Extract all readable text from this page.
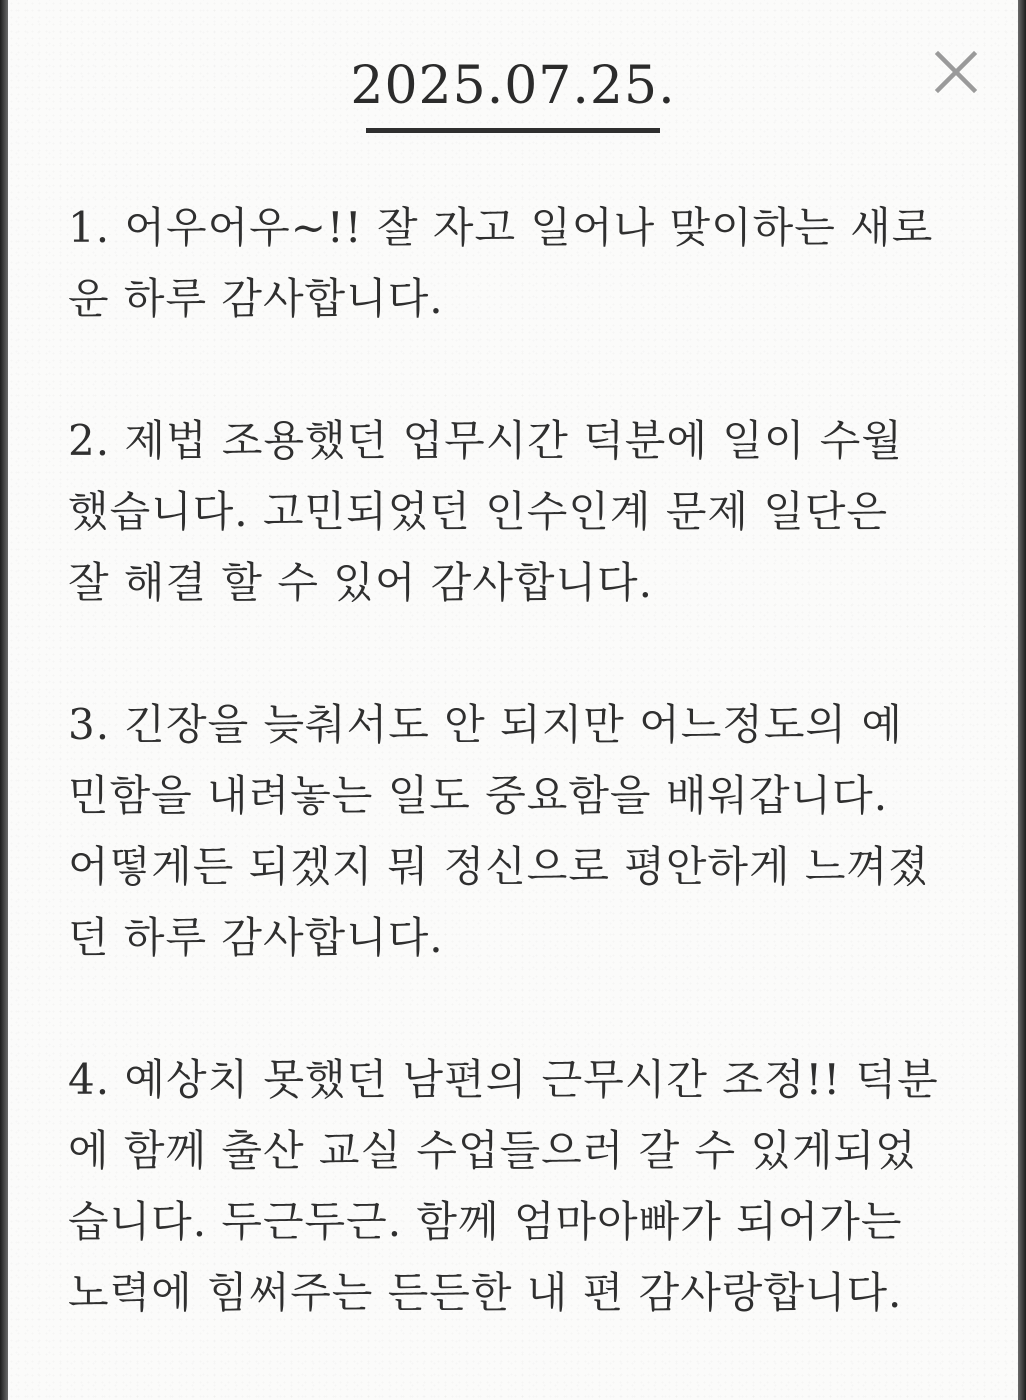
2025.07.25.
1. 어우어우~!! 잘 자고 일어나 맞이하는 새로
운 하루 감사합니다.
2. 제법 조용했던 업무시간 덕분에 일이 수월
했습니다. 고민되었던 인수인계 문제 일단은
잘 해결 할 수 있어 감사합니다.
3. 긴장을 늦춰서도 안 되지만 어느정도의 예
민함을 내려놓는 일도 중요함을 배워갑니다.
어떻게든 되겠지 뭐 정신으로 평안하게 느껴졌
던 하루 감사합니다.
4. 예상치 못했던 남편의 근무시간 조정!! 덕분
에 함께 출산 교실 수업들으러 갈 수 있게되었
습니다. 두근두근. 함께 엄마아빠가 되어가는
노력에 힘써주는 든든한 내 편 감사랑합니다.
